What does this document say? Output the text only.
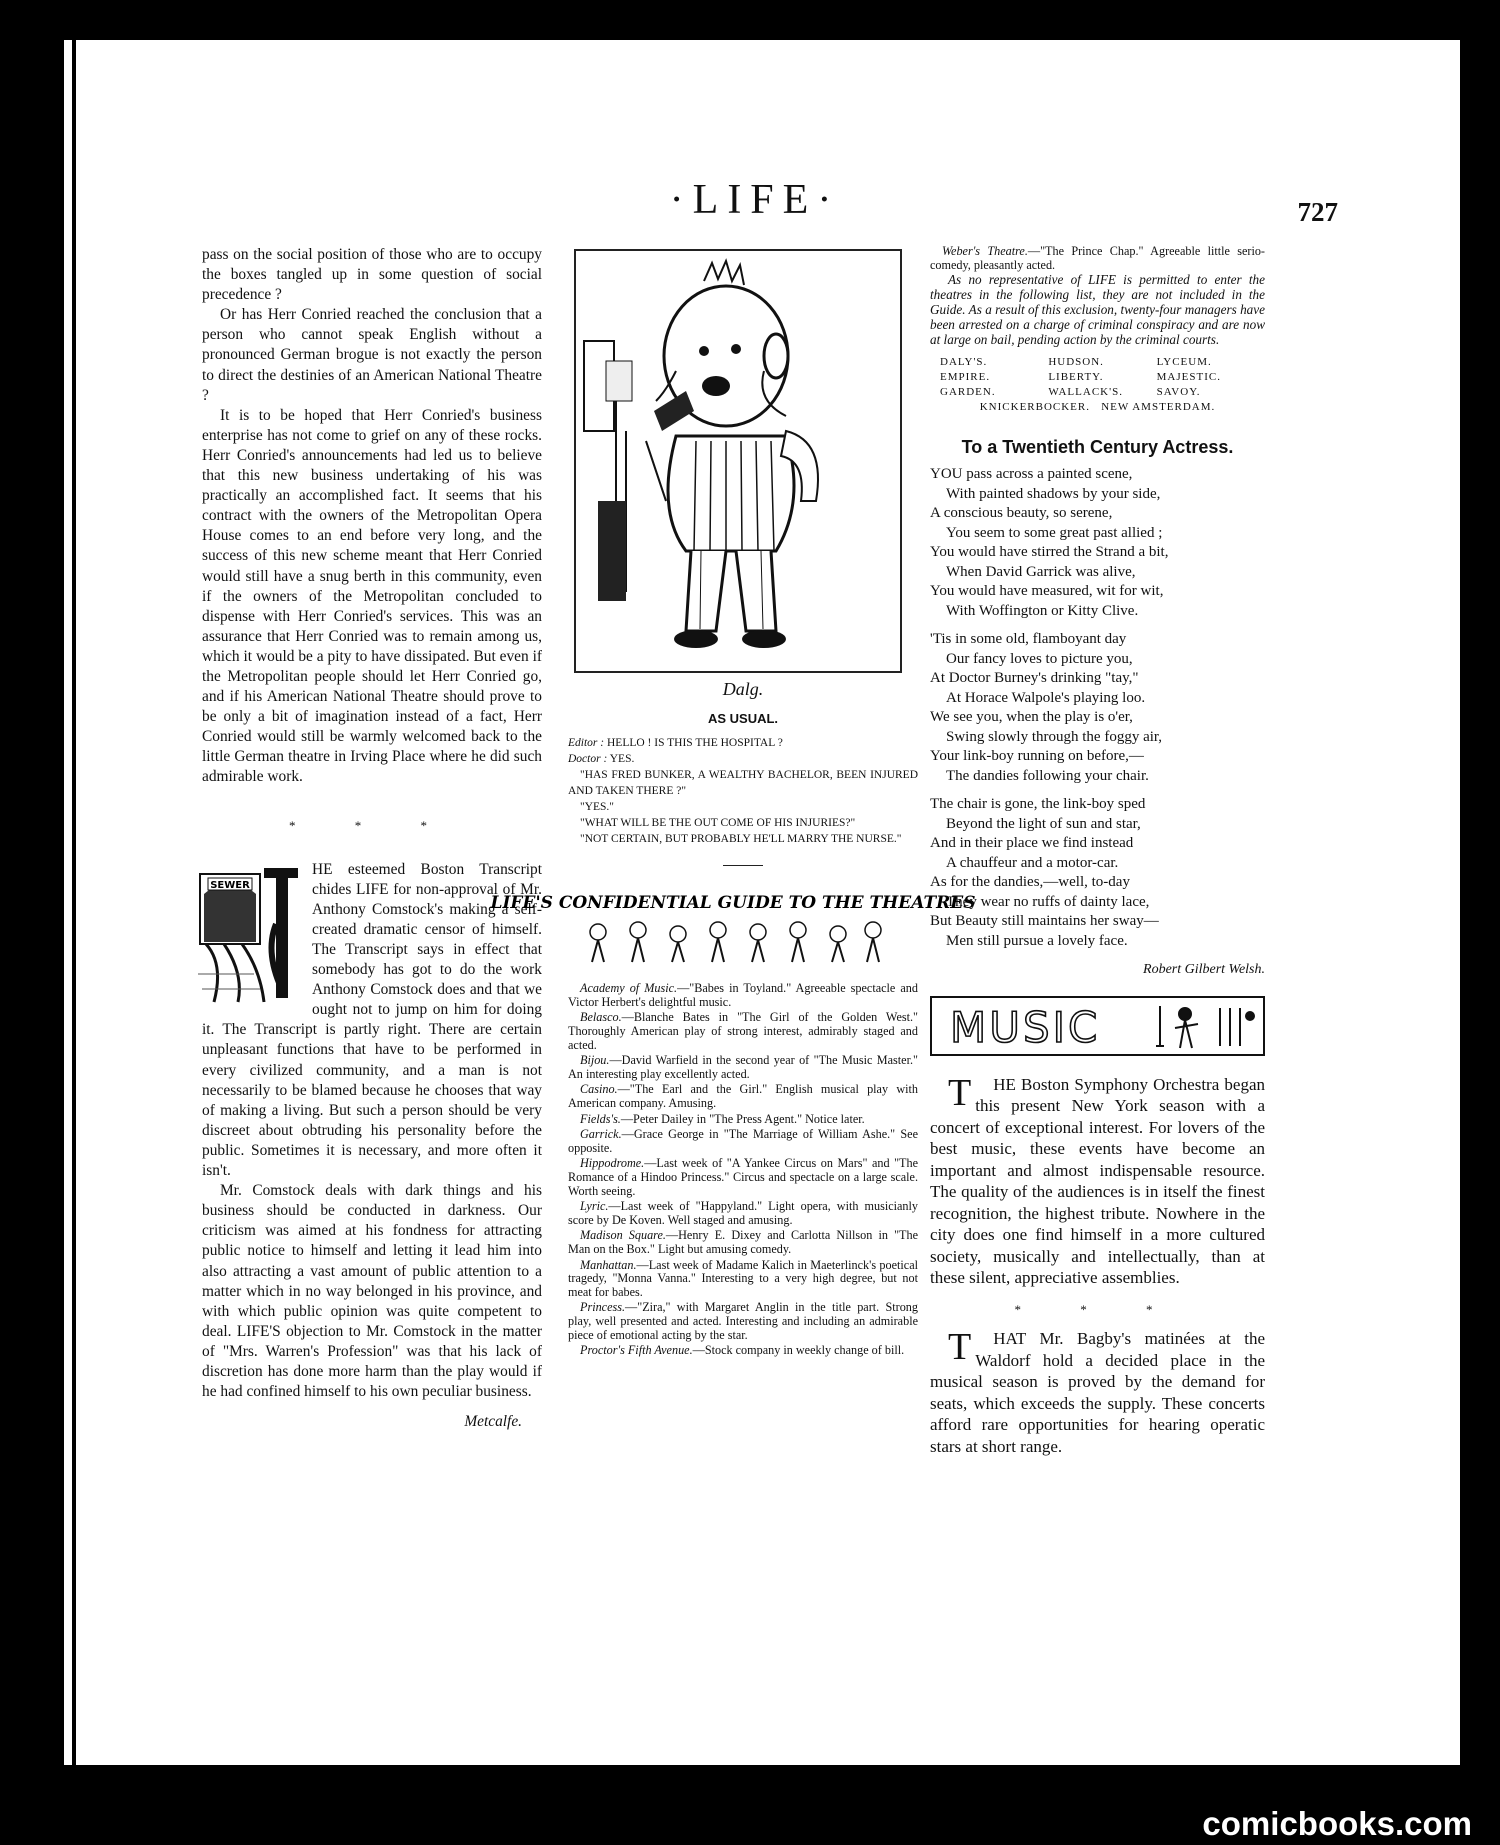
·LIFE·	727

pass on the social position of those who are to occupy the boxes tangled up in some question of social precedence ?

Or has Herr Conried reached the conclusion that a person who cannot speak English without a pronounced German brogue is not exactly the person to direct the destinies of an American National Theatre ?

It is to be hoped that Herr Conried's business enterprise has not come to grief on any of these rocks. Herr Conried's announcements had led us to believe that this new business undertaking of his was practically an accomplished fact. It seems that his contract with the owners of the Metropolitan Opera House comes to an end before very long, and the success of this new scheme meant that Herr Conried would still have a snug berth in this community, even if the owners of the Metropolitan concluded to dispense with Herr Conried's services. This was an assurance that Herr Conried was to remain among us, which it would be a pity to have dissipated. But even if the Metropolitan people should let Herr Conried go, and if his American National Theatre should prove to be only a bit of imagination instead of a fact, Herr Conried would still be warmly welcomed back to the little German theatre in Irving Place where he did such admirable work.

* * *
SEWER

HE esteemed Boston Transcript chides LIFE for non-approval of Mr. Anthony Comstock's making a self-created dramatic censor of himself. The Transcript says in effect that somebody has got to do the work Anthony Comstock does and that we ought not to jump on him for doing it. The Transcript is partly right. There are certain unpleasant functions that have to be performed in every civilized community, and a man is not necessarily to be blamed because he chooses that way of making a living. But such a person should be very discreet about obtruding his personality before the public. Sometimes it is necessary, and more often it isn't.

Mr. Comstock deals with dark things and his business should be conducted in darkness. Our criticism was aimed at his fondness for attracting public notice to himself and letting it lead him into also attracting a vast amount of public attention to a matter which in no way belonged in his province, and with which public opinion was quite competent to deal. LIFE'S objection to Mr. Comstock in the matter of "Mrs. Warren's Profession" was that his lack of discretion has done more harm than the play would if he had confined himself to his own peculiar business.

Metcalfe.
Dalg.
AS USUAL.
Editor : HELLO ! IS THIS THE HOSPITAL ?
Doctor : YES.
"HAS FRED BUNKER, A WEALTHY BACHELOR, BEEN INJURED AND TAKEN THERE ?"
"YES."
"WHAT WILL BE THE OUT COME OF HIS INJURIES?"
"NOT CERTAIN, BUT PROBABLY HE'LL MARRY THE NURSE."
LIFE'S CONFIDENTIAL GUIDE TO THE THEATRES

Academy of Music.—"Babes in Toyland." Agreeable spectacle and Victor Herbert's delightful music.

Belasco.—Blanche Bates in "The Girl of the Golden West." Thoroughly American play of strong interest, admirably staged and acted.

Bijou.—David Warfield in the second year of "The Music Master." An interesting play excellently acted.

Casino.—"The Earl and the Girl." English musical play with American company. Amusing.

Fields's.—Peter Dailey in "The Press Agent." Notice later.

Garrick.—Grace George in "The Marriage of William Ashe." See opposite.

Hippodrome.—Last week of "A Yankee Circus on Mars" and "The Romance of a Hindoo Princess." Circus and spectacle on a large scale. Worth seeing.

Lyric.—Last week of "Happyland." Light opera, with musicianly score by De Koven. Well staged and amusing.

Madison Square.—Henry E. Dixey and Carlotta Nillson in "The Man on the Box." Light but amusing comedy.

Manhattan.—Last week of Madame Kalich in Maeterlinck's poetical tragedy, "Monna Vanna." Interesting to a very high degree, but not meat for babes.

Princess.—"Zira," with Margaret Anglin in the title part. Strong play, well presented and acted. Interesting and including an admirable piece of emotional acting by the star.

Proctor's Fifth Avenue.—Stock company in weekly change of bill.

Weber's Theatre.—"The Prince Chap." Agreeable little serio-comedy, pleasantly acted.

As no representative of LIFE is permitted to enter the theatres in the following list, they are not included in the Guide. As a result of this exclusion, twenty-four managers have been arrested on a charge of criminal conspiracy and are now at large on bail, pending action by the criminal courts.

DALY'S.	HUDSON.	LYCEUM.
EMPIRE.	LIBERTY.	MAJESTIC.
GARDEN.	WALLACK'S.	SAVOY.
KNICKERBOCKER.   NEW AMSTERDAM.
To a Twentieth Century Actress.
YOU pass across a painted scene,
With painted shadows by your side,
A conscious beauty, so serene,
You seem to some great past allied ;
You would have stirred the Strand a bit,
When David Garrick was alive,
You would have measured, wit for wit,
With Woffington or Kitty Clive.
'Tis in some old, flamboyant day
Our fancy loves to picture you,
At Doctor Burney's drinking "tay,"
At Horace Walpole's playing loo.
We see you, when the play is o'er,
Swing slowly through the foggy air,
Your link-boy running on before,—
The dandies following your chair.
The chair is gone, the link-boy sped
Beyond the light of sun and star,
And in their place we find instead
A chauffeur and a motor-car.
As for the dandies,—well, to-day
They wear no ruffs of dainty lace,
But Beauty still maintains her sway—
Men still pursue a lovely face.
Robert Gilbert Welsh.
MUSIC

T HE Boston Symphony Orchestra began this present New York season with a concert of exceptional interest. For lovers of the best music, these events have become an important and almost indispensable resource. The quality of the audiences is in itself the finest recognition, the highest tribute. Nowhere in the city does one find himself in a more cultured society, musically and intellectually, than at these silent, appreciative assemblies.

* * *

T HAT Mr. Bagby's matinées at the Waldorf hold a decided place in the musical season is proved by the demand for seats, which exceeds the supply. These concerts afford rare opportunities for hearing operatic stars at short range.

comicbooks.com
